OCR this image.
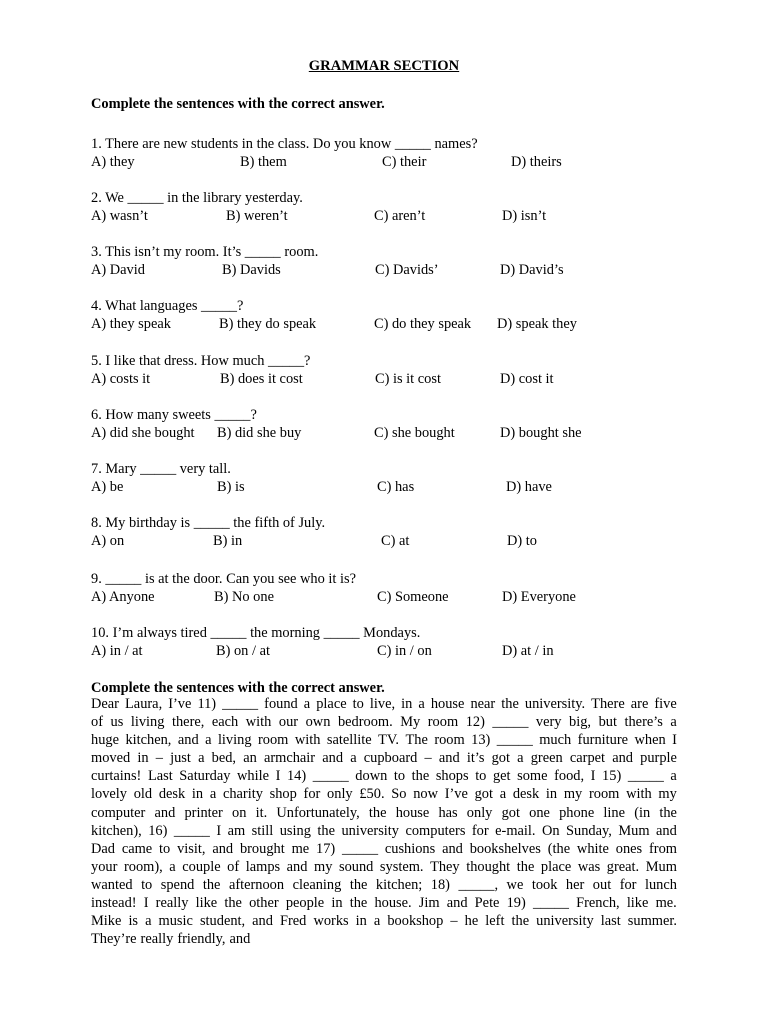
GRAMMAR SECTION
Complete the sentences with the correct answer.
1. There are new students in the class. Do you know _____ names?
A) they	B) them	C) their	D) theirs
2. We _____ in the library yesterday.
A) wasn’t	B) weren’t	C) aren’t	D) isn’t
3. This isn’t my room. It’s _____ room.
A) David	B) Davids	C) Davids’	D) David’s
4. What languages _____?
A) they speak	B) they do speak	C) do they speak D) speak they
5. I like that dress. How much _____?
A) costs it	B) does it cost	C) is it cost	D) cost it
6. How many sweets _____?
A) did she bought B) did she buy	C) she bought	D) bought she
7. Mary _____ very tall.
A) be	B) is	C) has	D) have
8. My birthday is _____ the fifth of July.
A) on	B) in	C) at	D) to
9. _____ is at the door. Can you see who it is?
A) Anyone	B) No one	C) Someone	D) Everyone
10. I’m always tired _____ the morning _____ Mondays.
A) in / at	B) on / at	C) in / on	D) at / in
Complete the sentences with the correct answer.
Dear Laura, I’ve 11) _____ found a place to live, in a house near the university. There are five
of us living there, each with our own bedroom. My room 12) _____ very big, but there’s a
huge kitchen, and a living room with satellite TV. The room 13) _____ much furniture when I
moved in – just a bed, an armchair and a cupboard – and it’s got a green carpet and purple
curtains! Last Saturday while I 14) _____ down to the shops to get some food, I 15) _____ a
lovely old desk in a charity shop for only £50. So now I’ve got a desk in my room with my
computer and printer on it. Unfortunately, the house has only got one phone line (in the
kitchen), 16) _____ I am still using the university computers for e-mail. On Sunday, Mum and
Dad came to visit, and brought me 17) _____ cushions and bookshelves (the white ones from
your room), a couple of lamps and my sound system. They thought the place was great. Mum
wanted to spend the afternoon cleaning the kitchen; 18) _____, we took her out for lunch
instead! I really like the other people in the house. Jim and Pete 19) _____ French, like me.
Mike is a music student, and Fred works in a bookshop – he left the university last summer.
They’re really friendly, and
